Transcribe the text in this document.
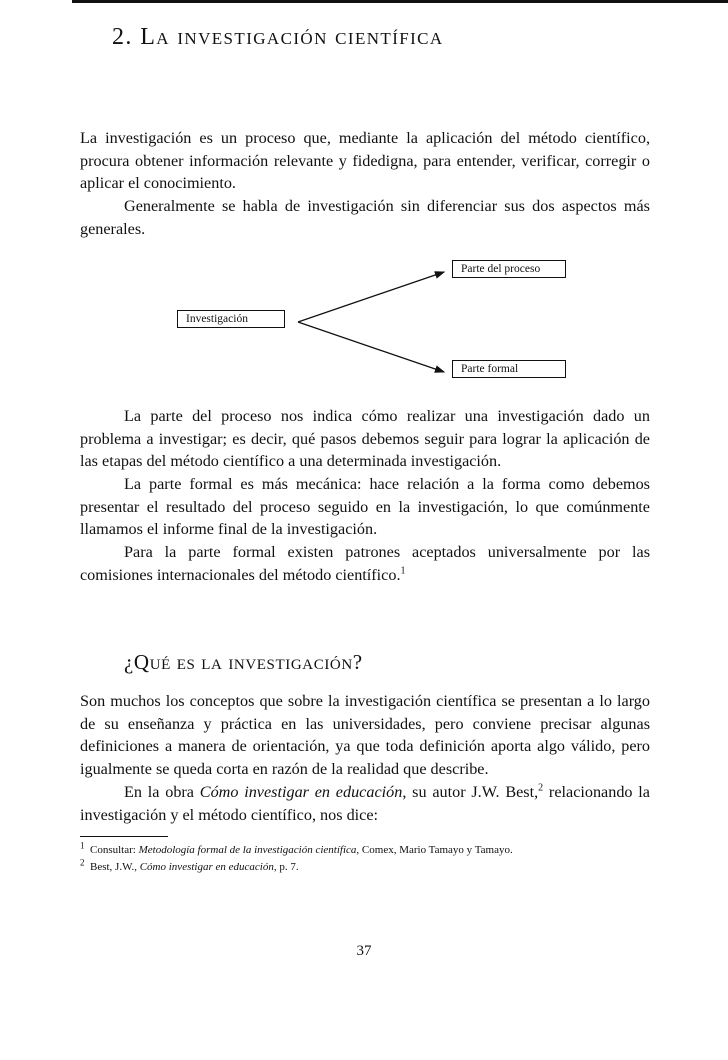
2. La investigación científica

La investigación es un proceso que, mediante la aplicación del método científico, procura obtener información relevante y fidedigna, para entender, verificar, corregir o aplicar el conocimiento.

Generalmente se habla de investigación sin diferenciar sus dos aspectos más generales.

Investigación
Parte del proceso
Parte formal

La parte del proceso nos indica cómo realizar una investigación dado un problema a investigar; es decir, qué pasos debemos seguir para lograr la aplicación de las etapas del método científico a una determinada investigación.

La parte formal es más mecánica: hace relación a la forma como debemos presentar el resultado del proceso seguido en la investigación, lo que comúnmente llamamos el informe final de la investigación.

Para la parte formal existen patrones aceptados universalmente por las comisiones internacionales del método científico.$^1$

¿Qué es la investigación?

Son muchos los conceptos que sobre la investigación científica se presentan a lo largo de su enseñanza y práctica en las universidades, pero conviene precisar algunas definiciones a manera de orientación, ya que toda definición aporta algo válido, pero igualmente se queda corta en razón de la realidad que describe.

En la obra Cómo investigar en educación, su autor J.W. Best,$^2$ relacionando la investigación y el método científico, nos dice:

$^1$ Consultar: Metodología formal de la investigación científica, Comex, Mario Tamayo y Tamayo.
$^2$ Best, J.W., Cómo investigar en educación, p. 7.
37
